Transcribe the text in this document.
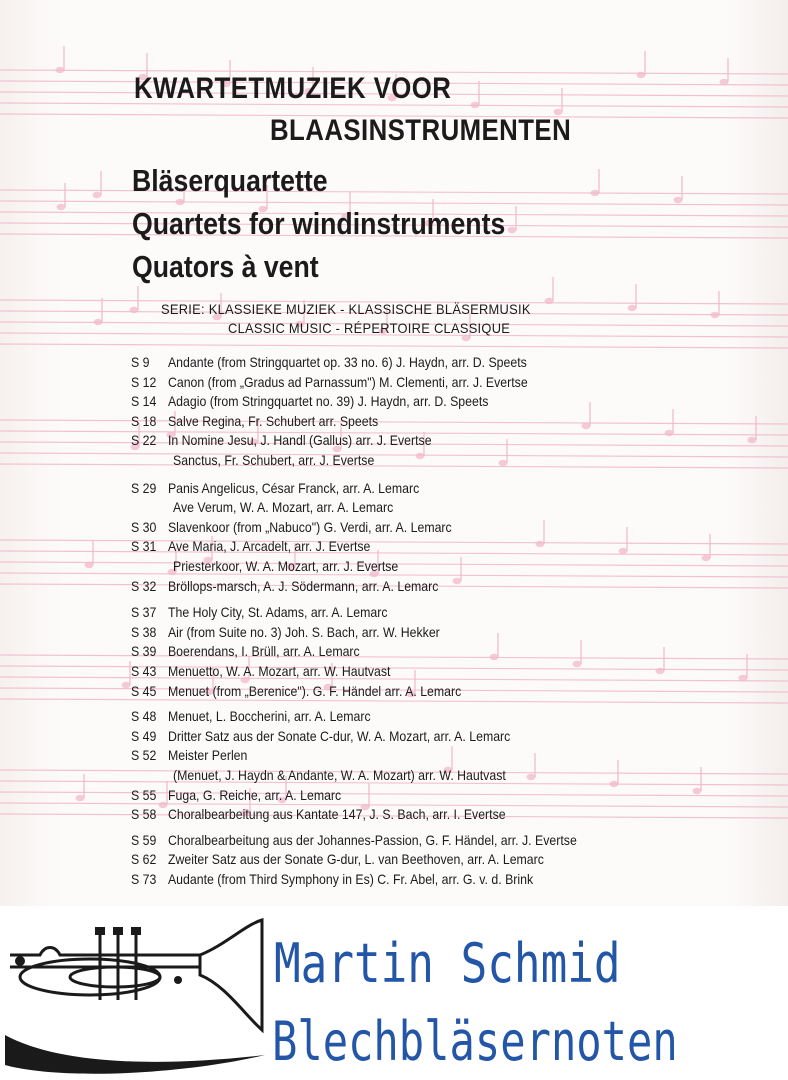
KWARTETMUZIEK VOOR
BLAASINSTRUMENTEN
Bläserquartette
Quartets for windinstruments
Quators à vent
SERIE: KLASSIEKE MUZIEK - KLASSISCHE BLÄSERMUSIK
CLASSIC MUSIC - RÉPERTOIRE CLASSIQUE
S 9 Andante (from Stringquartet op. 33 no. 6) J. Haydn, arr. D. Speets
S 12 Canon (from „Gradus ad Parnassum") M. Clementi, arr. J. Evertse
S 14 Adagio (from Stringquartet no. 39) J. Haydn, arr. D. Speets
S 18 Salve Regina, Fr. Schubert arr. Speets
S 22 In Nomine Jesu, J. Handl (Gallus) arr. J. Evertse
Sanctus, Fr. Schubert, arr. J. Evertse
S 29 Panis Angelicus, César Franck, arr. A. Lemarc
Ave Verum, W. A. Mozart, arr. A. Lemarc
S 30 Slavenkoor (from „Nabuco") G. Verdi, arr. A. Lemarc
S 31 Ave Maria, J. Arcadelt, arr. J. Evertse
Priesterkoor, W. A. Mozart, arr. J. Evertse
S 32 Bröllops-marsch, A. J. Södermann, arr. A. Lemarc
S 37 The Holy City, St. Adams, arr. A. Lemarc
S 38 Air (from Suite no. 3) Joh. S. Bach, arr. W. Hekker
S 39 Boerendans, I. Brüll, arr. A. Lemarc
S 43 Menuetto, W. A. Mozart, arr. W. Hautvast
S 45 Menuet (from „Berenice"). G. F. Händel arr. A. Lemarc
S 48 Menuet, L. Boccherini, arr. A. Lemarc
S 49 Dritter Satz aus der Sonate C-dur, W. A. Mozart, arr. A. Lemarc
S 52 Meister Perlen
(Menuet, J. Haydn & Andante, W. A. Mozart) arr. W. Hautvast
S 55 Fuga, G. Reiche, arr. A. Lemarc
S 58 Choralbearbeitung aus Kantate 147, J. S. Bach, arr. I. Evertse
S 59 Choralbearbeitung aus der Johannes-Passion, G. F. Händel, arr. J. Evertse
S 62 Zweiter Satz aus der Sonate G-dur, L. van Beethoven, arr. A. Lemarc
S 73 Audante (from Third Symphony in Es) C. Fr. Abel, arr. G. v. d. Brink
Martin Schmid
Blechbläsernoten
